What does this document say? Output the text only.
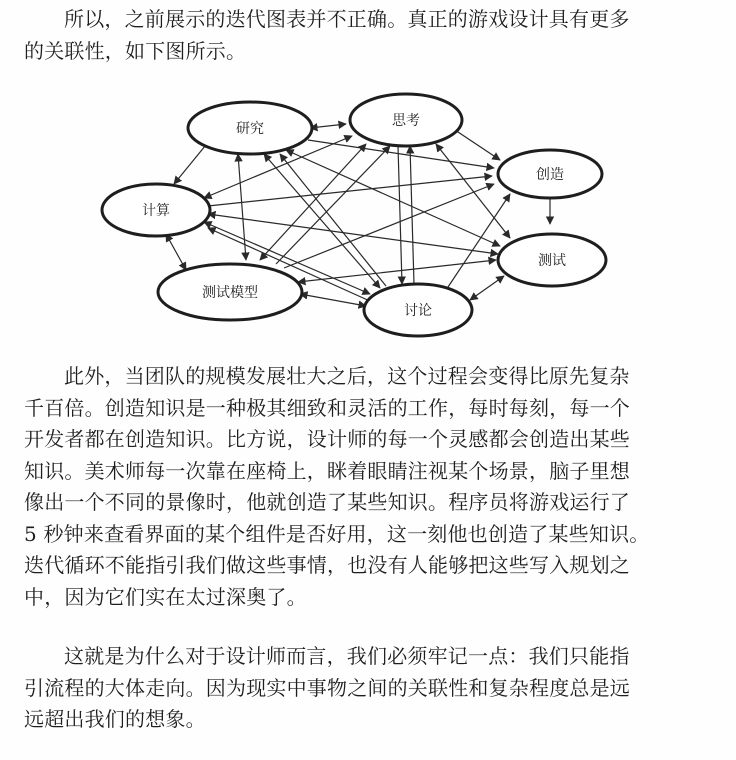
所以，之前展示的迭代图表并不正确。真正的游戏设计具有更多
的关联性，如下图所示。
研究	思考
创造
计算
测试
测试模型
讨论
此外，当团队的规模发展壮大之后，这个过程会变得比原先复杂
千百倍。创造知识是一种极其细致和灵活的工作，每时每刻，每一个
开发者都在创造知识。比方说，设计师的每一个灵感都会创造出某些
知识。美术师每一次靠在座椅上，眯着眼睛注视某个场景，脑子里想
像出一个不同的景像时，他就创造了某些知识。程序员将游戏运行了
5 秒钟来查看界面的某个组件是否好用，这一刻他也创造了某些知识。
迭代循环不能指引我们做这些事情，也没有人能够把这些写入规划之
中，因为它们实在太过深奥了。
这就是为什么对于设计师而言，我们必须牢记一点：我们只能指
引流程的大体走向。因为现实中事物之间的关联性和复杂程度总是远
远超出我们的想象。
